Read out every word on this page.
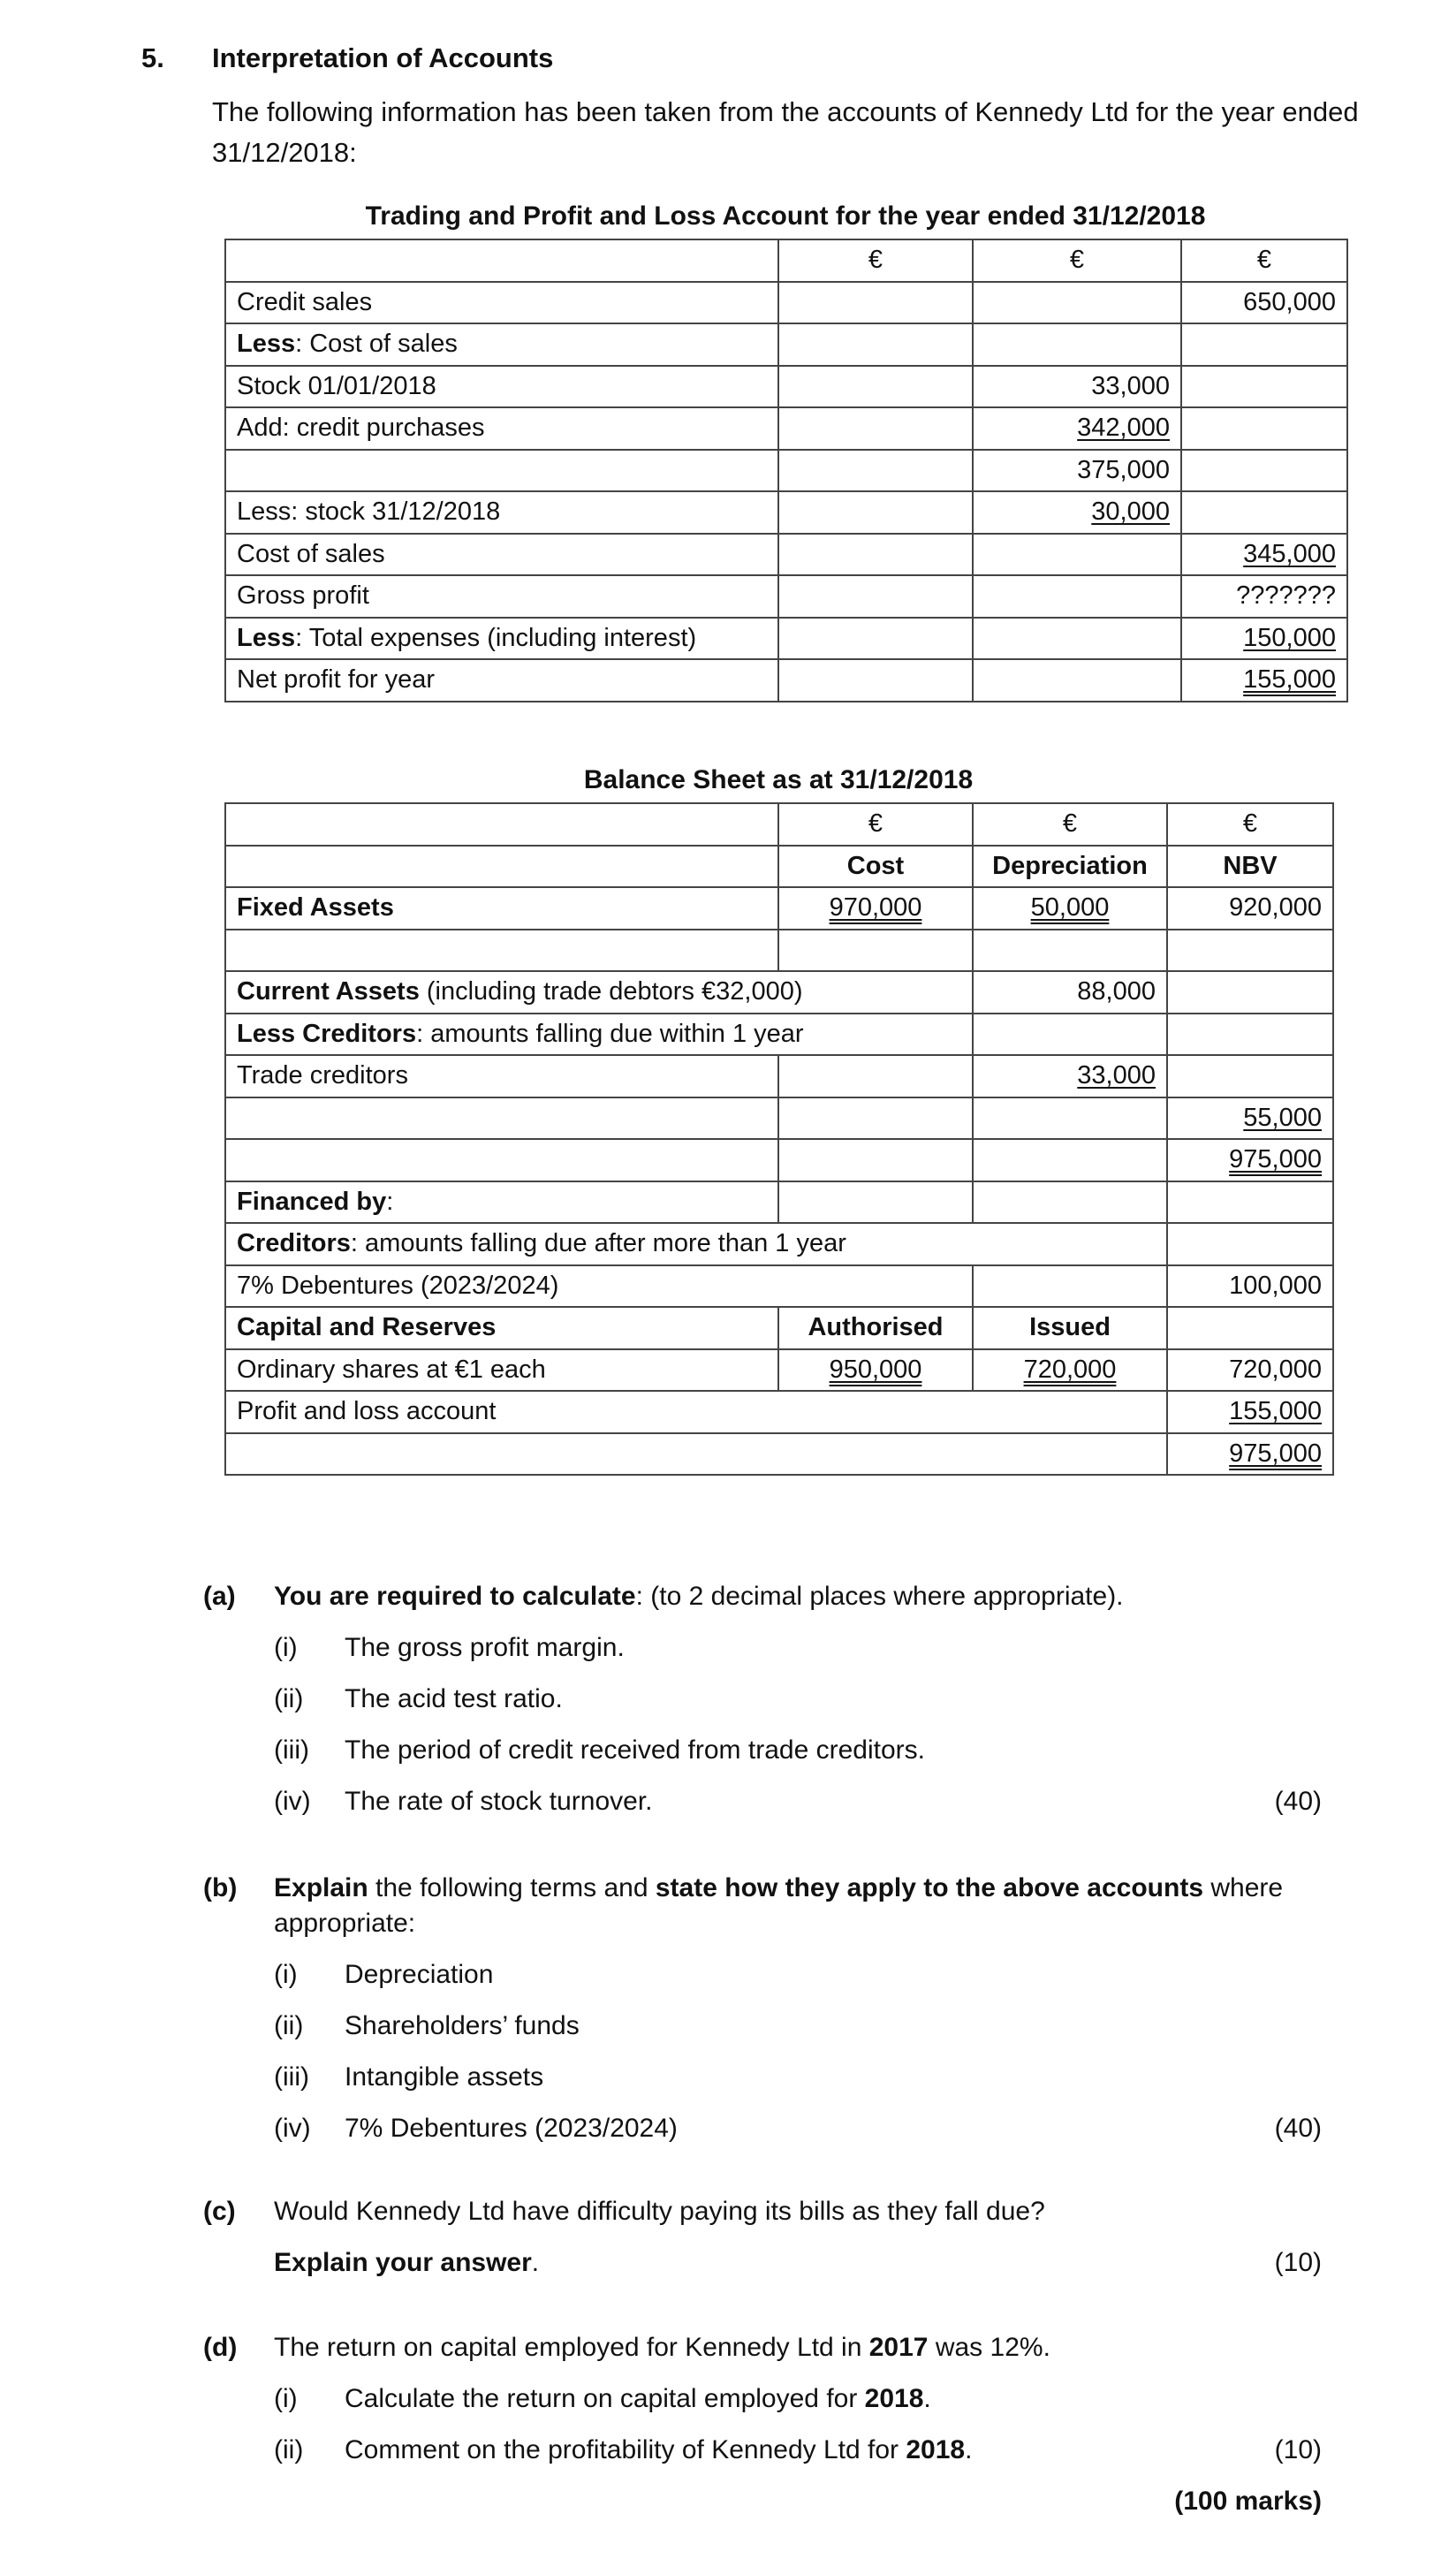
5. Interpretation of Accounts
The following information has been taken from the accounts of Kennedy Ltd for the year ended 31/12/2018:
Trading and Profit and Loss Account for the year ended 31/12/2018
	€	€	€
Credit sales			650,000
Less: Cost of sales			
Stock 01/01/2018		33,000	
Add: credit purchases		342,000	
		375,000	
Less: stock 31/12/2018		30,000	
Cost of sales			345,000
Gross profit			???????
Less: Total expenses (including interest)			150,000
Net profit for year			155,000
Balance Sheet as at 31/12/2018
	€	€	€
	Cost	Depreciation	NBV
Fixed Assets	970,000	50,000	920,000

Current Assets (including trade debtors €32,000)		88,000	
Less Creditors: amounts falling due within 1 year			
Trade creditors		33,000	
			55,000
			975,000
Financed by:			
Creditors: amounts falling due after more than 1 year			
7% Debentures (2023/2024)			100,000
Capital and Reserves	Authorised	Issued	
Ordinary shares at €1 each	950,000	720,000	720,000
Profit and loss account			155,000
			975,000
(a) You are required to calculate: (to 2 decimal places where appropriate).
(i) The gross profit margin.
(ii) The acid test ratio.
(iii) The period of credit received from trade creditors.
(iv) The rate of stock turnover.	(40)
(b) Explain the following terms and state how they apply to the above accounts where
appropriate:
(i) Depreciation
(ii) Shareholders’ funds
(iii) Intangible assets
(iv) 7% Debentures (2023/2024)	(40)
(c) Would Kennedy Ltd have difficulty paying its bills as they fall due?
Explain your answer.	(10)
(d) The return on capital employed for Kennedy Ltd in 2017 was 12%.
(i) Calculate the return on capital employed for 2018.
(ii) Comment on the profitability of Kennedy Ltd for 2018.	(10)
(100 marks)
